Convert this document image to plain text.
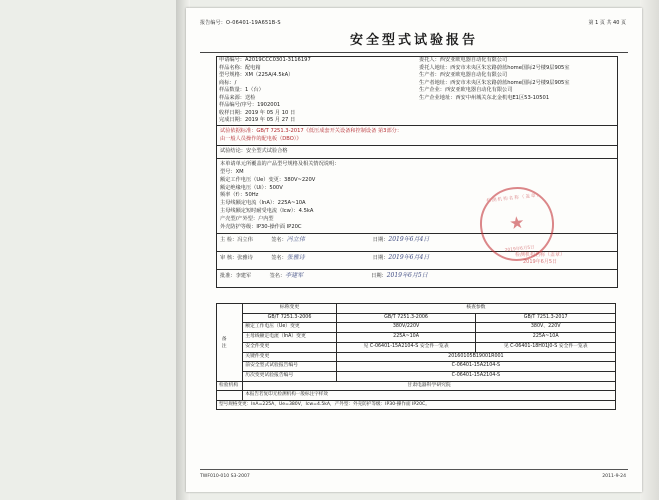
报告编号：O-06401-19A651B-S	第 1 页 共 40 页
安全型式试验报告
申请编号：A2019CCC0301-3116197
样品名称：配电箱
型号规格：XM（225A/4.5kA）
商标：/
样品数量：1（台）
样品来源：送检
样品编号/序号：1902001
收样日期：2019 年 05 月 10 日
完成日期：2019 年 05 月 27 日

委托人：西安亚欧电器自动化有限公司
委托人地址：西安市未央区朱宏路蔚蓝home国际2号楼9层905室
生产者：西安亚欧电器自动化有限公司
生产者地址：西安市未央区朱宏路蔚蓝home国际2号楼9层905室
生产企业：西安亚欧电器自动化有限公司
生产企业地址：西安中州城关东北金机电E1区53-10501
试验依据标准：GB/T 7251.3-2017《低压成套开关设备和控制设备 第3部分：
由一般人员操作的配电板（DBO）》
试验结论：安全型式试验合格
本单请单元所覆盖的产品型号规格及相关情况说明：
型号：XM
额定工作电压（Ue）变更：380V~220V
额定绝缘电压（Ui）：500V
频率（f）：50Hz
主母线额定电流（InA）：225A~10A
主母线额定短时耐受电流（Icw）：4.5kA
产壳型/产外型：户内型
外壳防护等级：IP30-操作面 IP20C
主 检：冯立伟	签名：冯立伟	日期：2019年6月4日
审 核：张雅诗	签名：张雅诗	日期：2019年6月4日
批准：李建军	签名：李建军	日期：2019年6月5日
检测机构名称（盖章）
★
2019年6月5日
检测机构名称（盖章）
2019年6月5日
备注	标称变更	核查参数	
	GB/T 7251.3-2006	GB/T 7251.3-2006	GB/T 7251.3-2017
	额定工作电压（Ue）变更	380V/220V	380V、220V
	主母线额定电流（InA）变更	225A~10A	225A~10A
	安全件变更	见 C-06401-15A2104-S 安全件一览表	见 C-06401-18H01J0-S 安全件一览表
	关键件变更	20160105B19001R001	
	前安全型式试验报告编号	C-06401-15A2104-S	
	历次变更试验报告编号	C-06401-15A2104-S	
检验机构	甘肃电器科学研究院		
	本报告若复印无检测机构一般标注字样效		
型号规格变更：InA=225A，Ue=380V，Icw=4.5kA，产外型：外壳防护等级：IP30-操作面 IP20C。			
TWF010-010 S3-2007	2011-9-24
